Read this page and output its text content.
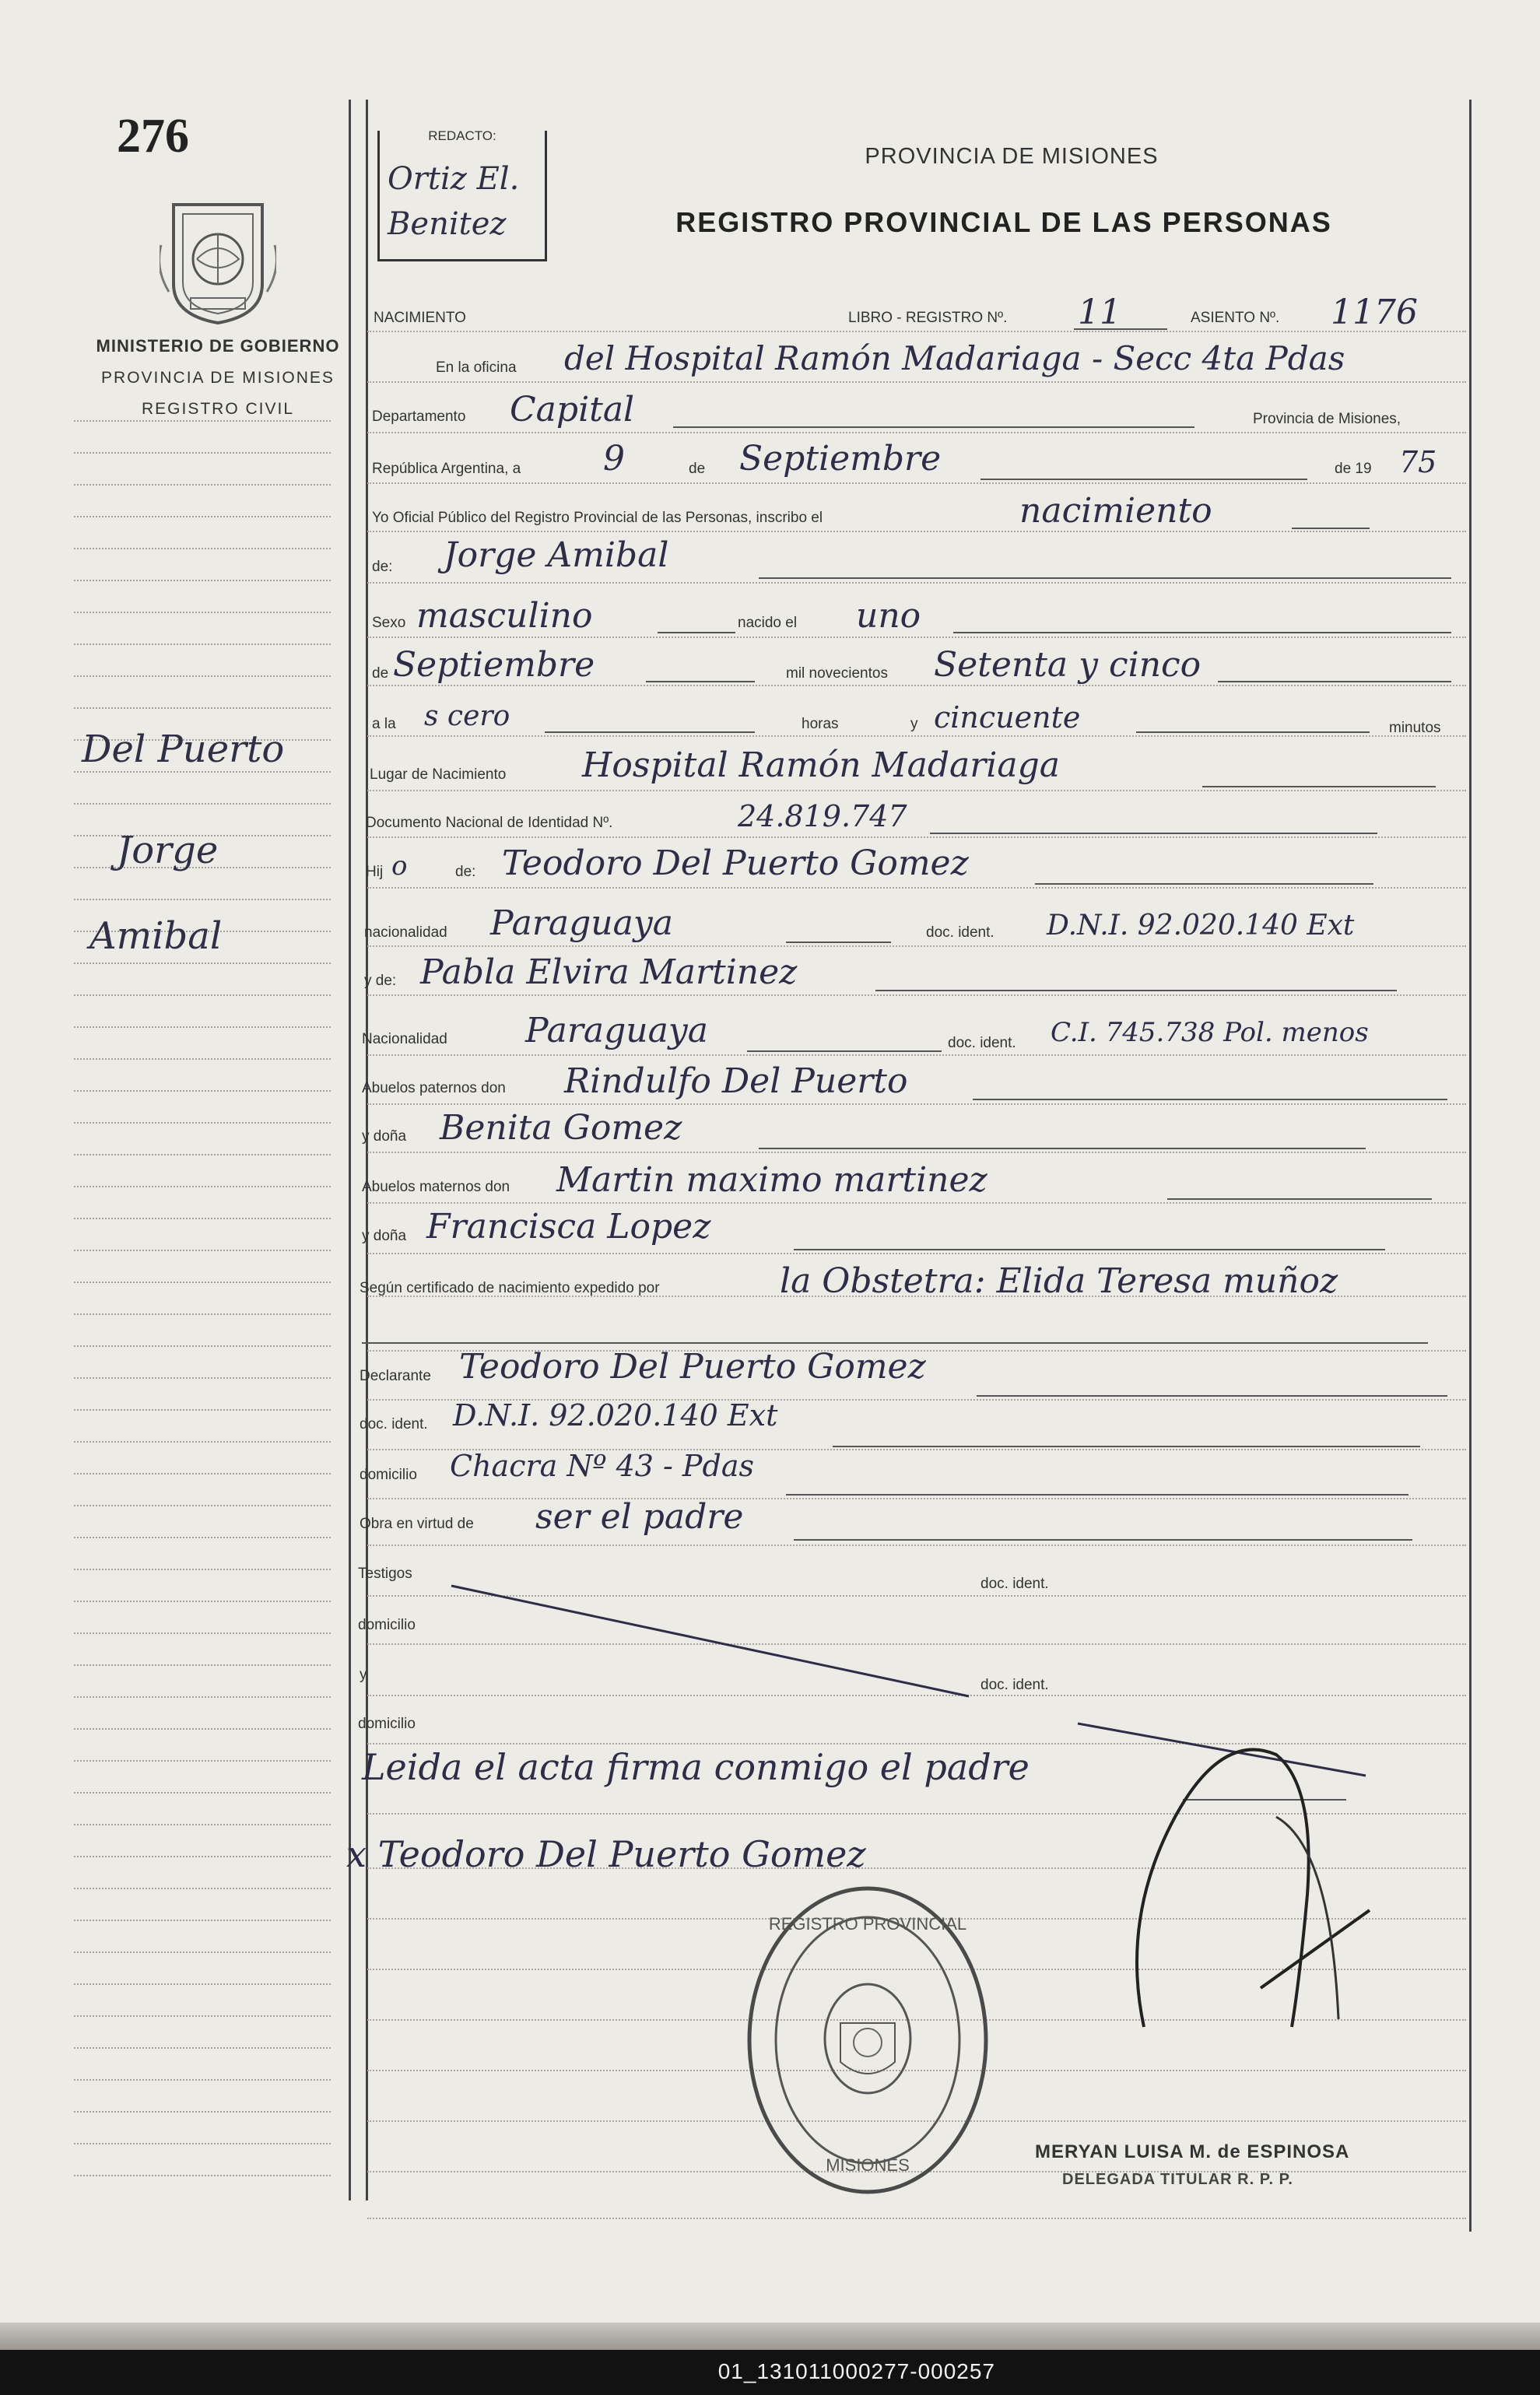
276
MINISTERIO DE GOBIERNO
PROVINCIA DE MISIONES
REGISTRO CIVIL
Del Puerto
Jorge
Amibal
REDACTO:
Ortiz El.
Benitez
PROVINCIA DE MISIONES
REGISTRO PROVINCIAL DE LAS PERSONAS
NACIMIENTO	LIBRO - REGISTRO Nº. 11	ASIENTO Nº. 1176
En la oficina del Hospital Ramón Madariaga - Secc 4ta Pdas
Departamento Capital	Provincia de Misiones,
República Argentina, a 9	de Septiembre	de 19 75
Yo Oficial Público del Registro Provincial de las Personas, inscribo el	nacimiento
de: Jorge Amibal
Sexo masculino	nacido el uno
de Septiembre	mil novecientos Setenta y cinco
a la s cero	horas	y cincuente	minutos
Lugar de Nacimiento Hospital Ramón Madariaga
Documento Nacional de Identidad Nº.	24.819.747
Hij o	de: Teodoro Del Puerto Gomez
nacionalidad Paraguaya	doc. ident. D.N.I. 92.020.140 Ext
y de: Pabla Elvira Martinez
Nacionalidad Paraguaya	doc. ident. C.I. 745.738 Pol. menos
Abuelos paternos don Rindulfo Del Puerto
y doña Benita Gomez
Abuelos maternos don Martin maximo martinez
y doña Francisca Lopez
Según certificado de nacimiento expedido por	la Obstetra: Elida Teresa muñoz
Declarante Teodoro Del Puerto Gomez
doc. ident. D.N.I. 92.020.140 Ext
domicilio Chacra Nº 43 - Pdas
Obra en virtud de ser el padre
Testigos
doc. ident.
domicilio
y
doc. ident.
domicilio
Leida el acta firma conmigo el padre
x Teodoro Del Puerto Gomez
REGISTRO PROVINCIAL
MISIONES
MERYAN LUISA M. de ESPINOSA
DELEGADA TITULAR R. P. P.
01_131011000277-000257
